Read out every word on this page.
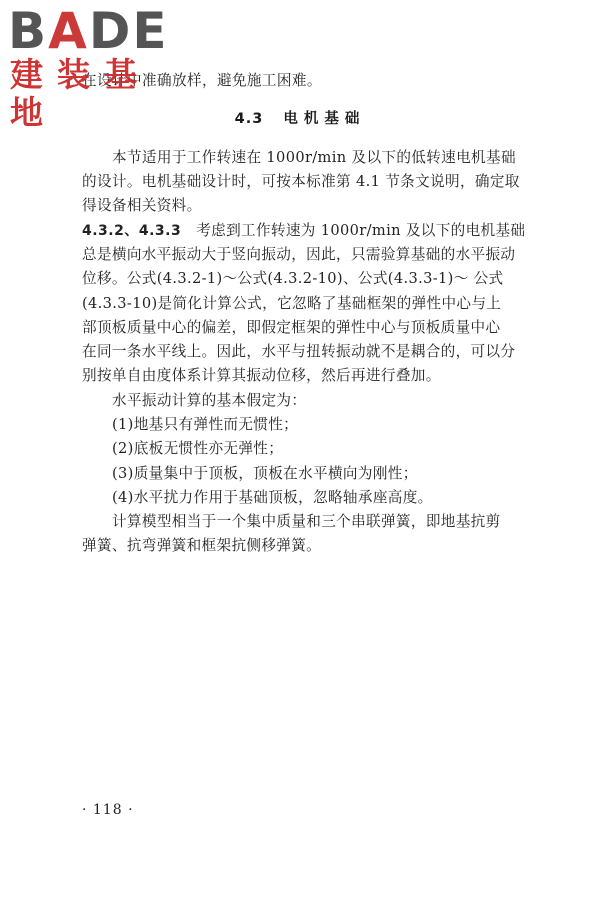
BADE
建装基地
在设计中准确放样，避免施工困难。
4.3 电机基础
本节适用于工作转速在 1000r/min 及以下的低转速电机基础
的设计。电机基础设计时，可按本标准第 4.1 节条文说明，确定取
得设备相关资料。
4.3.2、4.3.3 考虑到工作转速为 1000r/min 及以下的电机基础
总是横向水平振动大于竖向振动，因此，只需验算基础的水平振动
位移。公式(4.3.2-1)～公式(4.3.2-10)、公式(4.3.3-1)～ 公式
(4.3.3-10)是简化计算公式，它忽略了基础框架的弹性中心与上
部顶板质量中心的偏差，即假定框架的弹性中心与顶板质量中心
在同一条水平线上。因此，水平与扭转振动就不是耦合的，可以分
别按单自由度体系计算其振动位移，然后再进行叠加。
水平振动计算的基本假定为：
(1)地基只有弹性而无惯性；
(2)底板无惯性亦无弹性；
(3)质量集中于顶板，顶板在水平横向为刚性；
(4)水平扰力作用于基础顶板，忽略轴承座高度。
计算模型相当于一个集中质量和三个串联弹簧，即地基抗剪
弹簧、抗弯弹簧和框架抗侧移弹簧。
· 118 ·
